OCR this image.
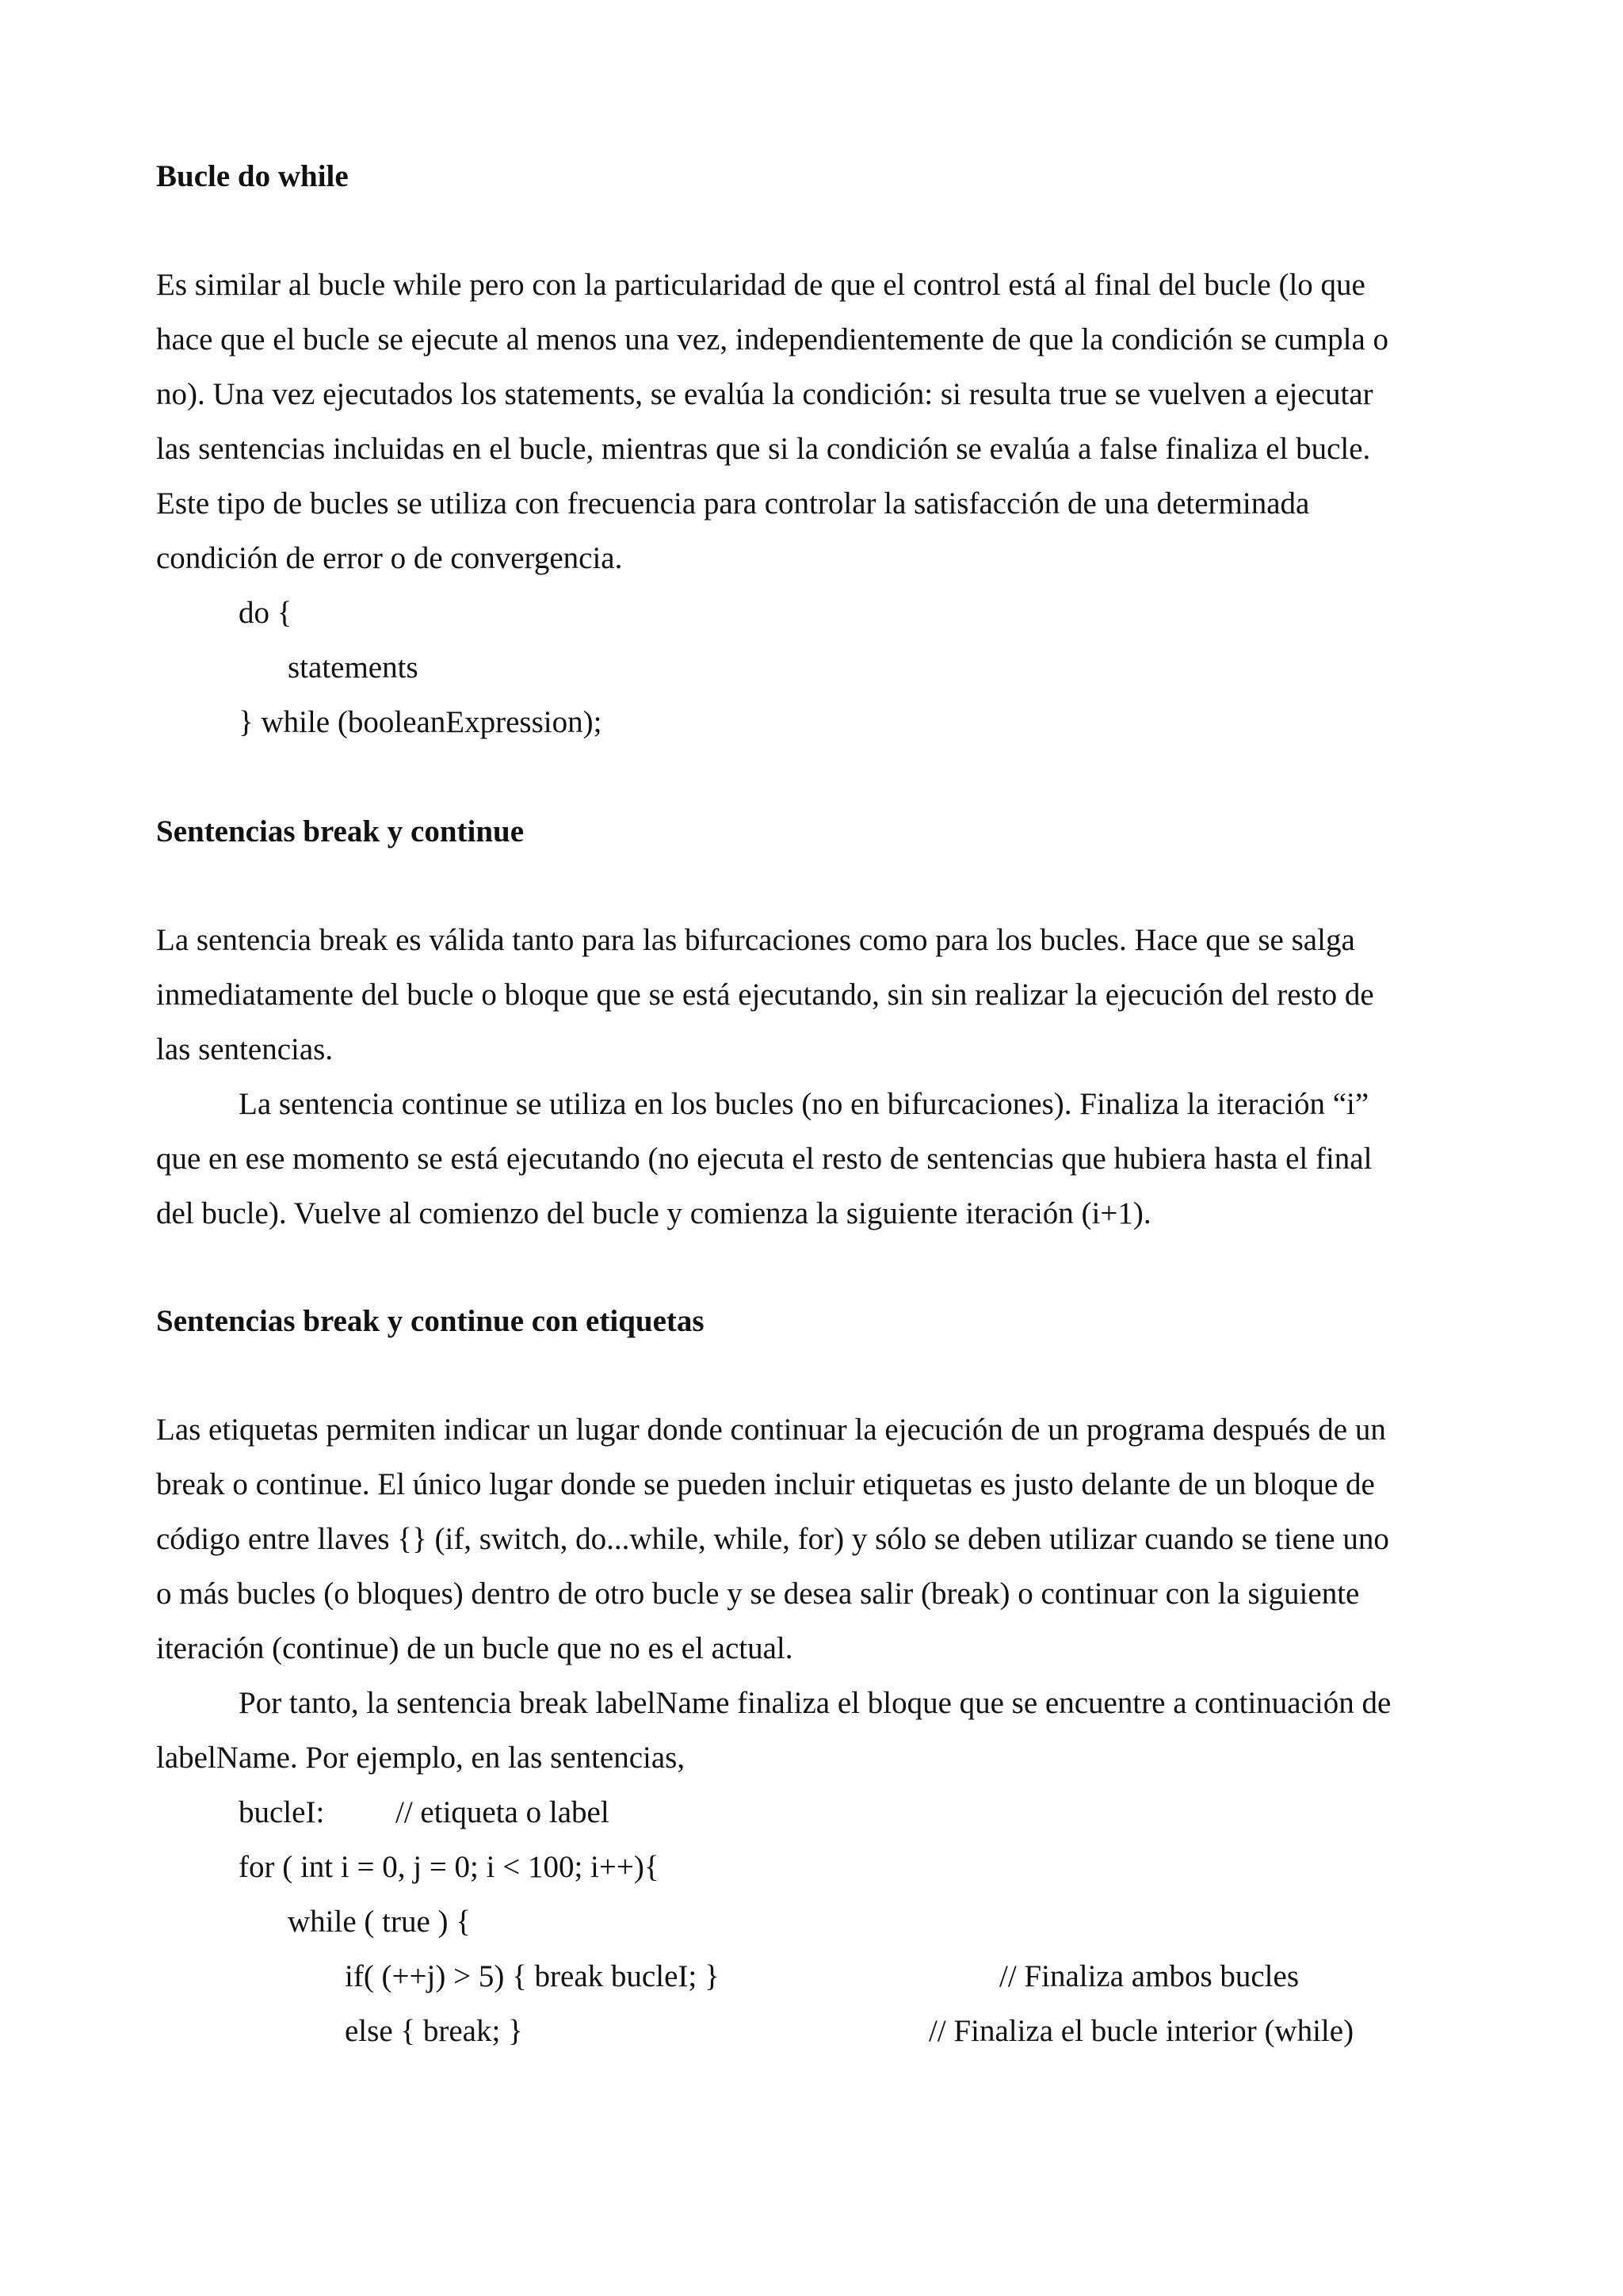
Bucle do while
Es similar al bucle while pero con la particularidad de que el control está al final del bucle (lo que
hace que el bucle se ejecute al menos una vez, independientemente de que la condición se cumpla o
no). Una vez ejecutados los statements, se evalúa la condición: si resulta true se vuelven a ejecutar
las sentencias incluidas en el bucle, mientras que si la condición se evalúa a false finaliza el bucle.
Este tipo de bucles se utiliza con frecuencia para controlar la satisfacción de una determinada
condición de error o de convergencia.
do {
statements
} while (booleanExpression);
Sentencias break y continue
La sentencia break es válida tanto para las bifurcaciones como para los bucles. Hace que se salga
inmediatamente del bucle o bloque que se está ejecutando, sin sin realizar la ejecución del resto de
las sentencias.
La sentencia continue se utiliza en los bucles (no en bifurcaciones). Finaliza la iteración “i”
que en ese momento se está ejecutando (no ejecuta el resto de sentencias que hubiera hasta el final
del bucle). Vuelve al comienzo del bucle y comienza la siguiente iteración (i+1).
Sentencias break y continue con etiquetas
Las etiquetas permiten indicar un lugar donde continuar la ejecución de un programa después de un
break o continue. El único lugar donde se pueden incluir etiquetas es justo delante de un bloque de
código entre llaves {} (if, switch, do...while, while, for) y sólo se deben utilizar cuando se tiene uno
o más bucles (o bloques) dentro de otro bucle y se desea salir (break) o continuar con la siguiente
iteración (continue) de un bucle que no es el actual.
Por tanto, la sentencia break labelName finaliza el bloque que se encuentre a continuación de
labelName. Por ejemplo, en las sentencias,
bucleI: // etiqueta o label
for ( int i = 0, j = 0; i < 100; i++){
while ( true ) {
if( (++j) > 5) { break bucleI; }	// Finaliza ambos bucles
else { break; }	// Finaliza el bucle interior (while)
